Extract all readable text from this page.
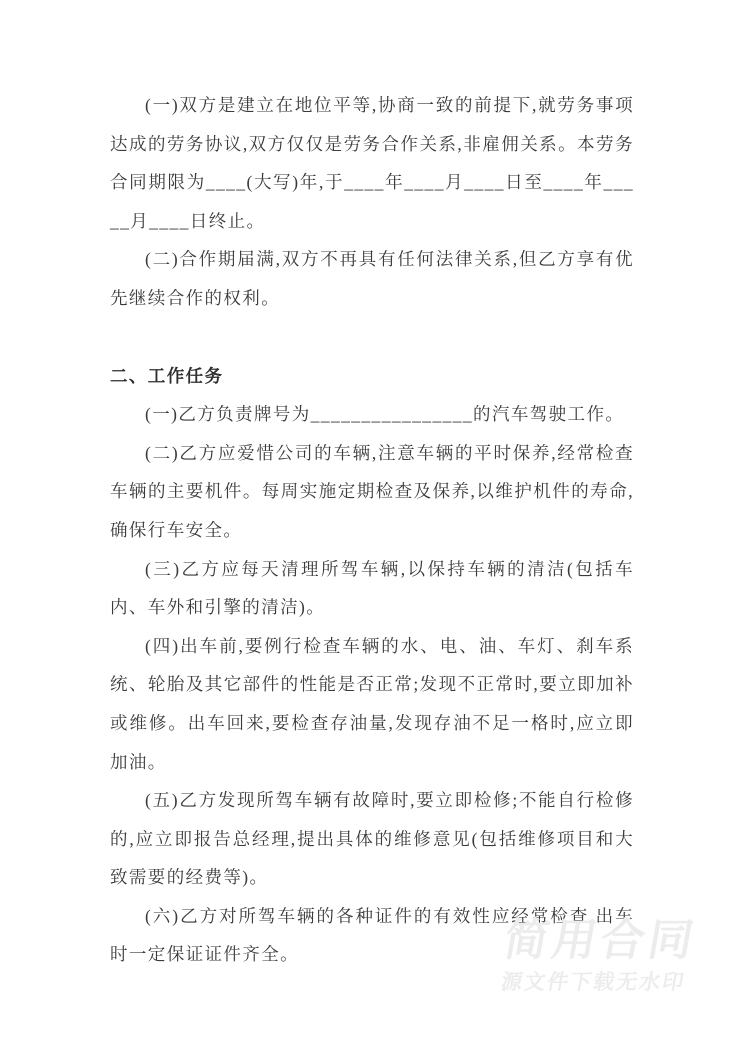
(一)双方是建立在地位平等,协商一致的前提下,就劳务事项达成的劳务协议,双方仅仅是劳务合作关系,非雇佣关系。本劳务合同期限为____(大写)年,于____年____月____日至____年_____月____日终止。

(二)合作期届满,双方不再具有任何法律关系,但乙方享有优先继续合作的权利。

二、工作任务

(一)乙方负责牌号为________________的汽车驾驶工作。

(二)乙方应爱惜公司的车辆,注意车辆的平时保养,经常检查车辆的主要机件。每周实施定期检查及保养,以维护机件的寿命,确保行车安全。

(三)乙方应每天清理所驾车辆,以保持车辆的清洁(包括车内、车外和引擎的清洁)。

(四)出车前,要例行检查车辆的水、电、油、车灯、刹车系统、轮胎及其它部件的性能是否正常;发现不正常时,要立即加补或维修。出车回来,要检查存油量,发现存油不足一格时,应立即加油。

(五)乙方发现所驾车辆有故障时,要立即检修;不能自行检修的,应立即报告总经理,提出具体的维修意见(包括维修项目和大致需要的经费等)。

(六)乙方对所驾车辆的各种证件的有效性应经常检查,出车时一定保证证件齐全。	简用合同
源文件下载无水印
